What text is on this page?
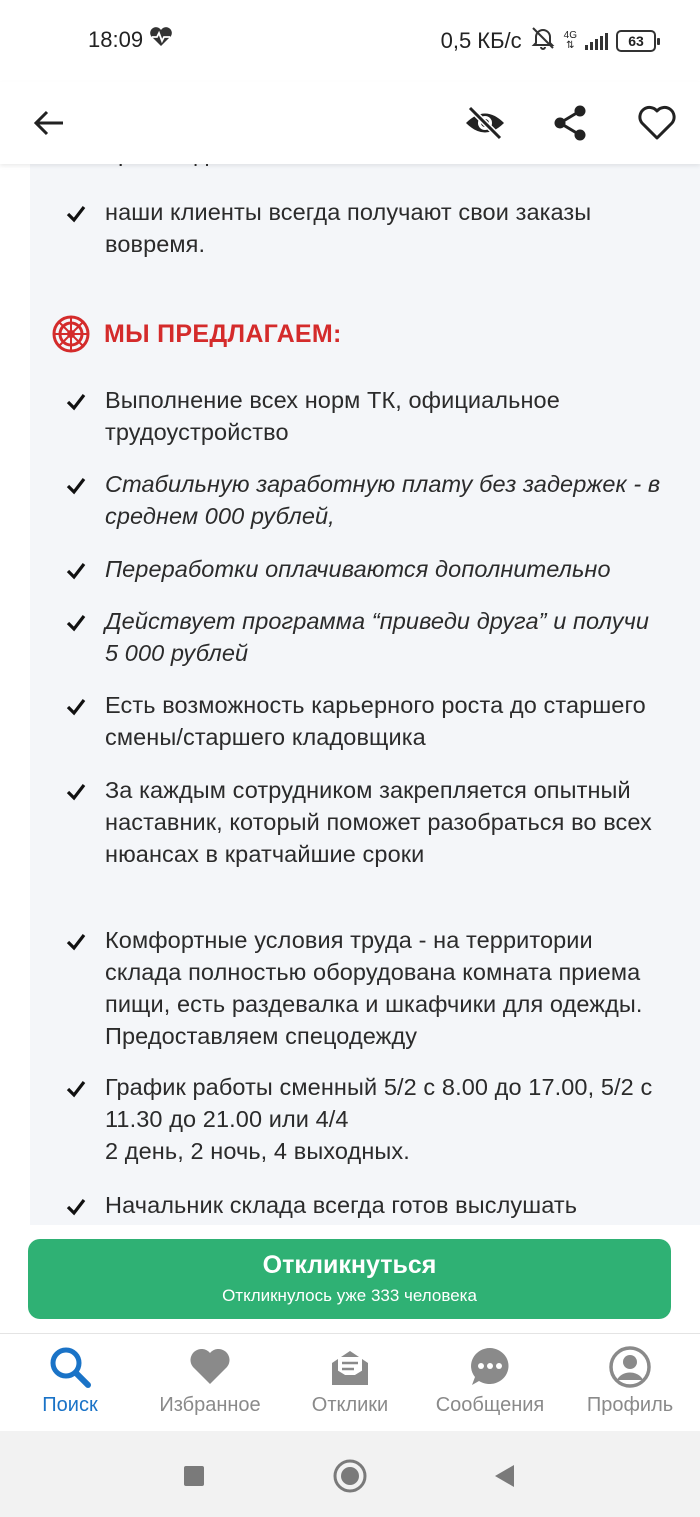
18:09	0,5 КБ/с	4G
⇅	63
наши клиенты всегда получают свои заказы вовремя.
МЫ ПРЕДЛАГАЕМ:
Выполнение всех норм ТК, официальное трудоустройство
Стабильную заработную плату без задержек - в среднем 000 рублей,
Переработки оплачиваются дополнительно
Действует программа “приведи друга” и получи 5 000 рублей
Есть возможность карьерного роста до старшего смены/старшего кладовщика
За каждым сотрудником закрепляется опытный наставник, который поможет разобраться во всех нюансах в кратчайшие сроки
Комфортные условия труда - на территории склада полностью оборудована комната приема пищи, есть раздевалка и шкафчики для одежды. Предоставляем спецодежду
График работы сменный 5/2 с 8.00 до 17.00, 5/2 с 11.30 до 21.00 или 4/4
2 день, 2 ночь, 4 выходных.
Начальник склада всегда готов выслушать
Откликнуться
Откликнулось уже 333 человека
Поиск	Избранное	Отклики	Сообщения	Профиль
